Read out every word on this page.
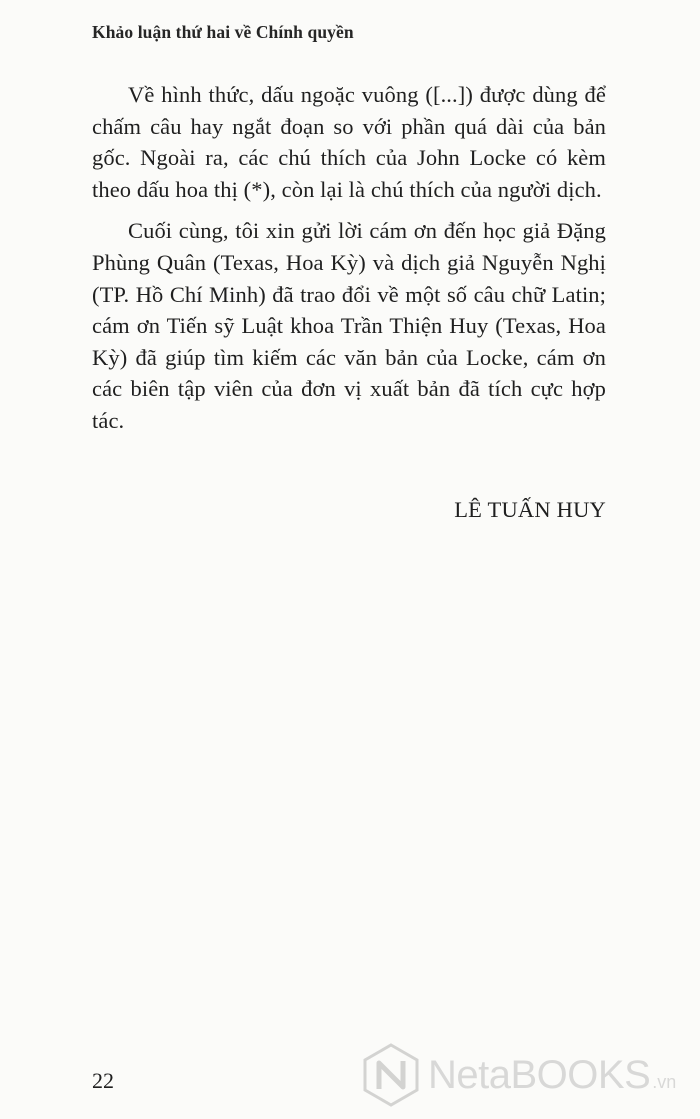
Khảo luận thứ hai về Chính quyền

Về hình thức, dấu ngoặc vuông ([...]) được dùng để chấm câu hay ngắt đoạn so với phần quá dài của bản gốc. Ngoài ra, các chú thích của John Locke có kèm theo dấu hoa thị (*), còn lại là chú thích của người dịch.

Cuối cùng, tôi xin gửi lời cám ơn đến học giả Đặng Phùng Quân (Texas, Hoa Kỳ) và dịch giả Nguyễn Nghị (TP. Hồ Chí Minh) đã trao đổi về một số câu chữ Latin; cám ơn Tiến sỹ Luật khoa Trần Thiện Huy (Texas, Hoa Kỳ) đã giúp tìm kiếm các văn bản của Locke, cám ơn các biên tập viên của đơn vị xuất bản đã tích cực hợp tác.

LÊ TUẤN HUY
22	NetaBOOKS .vn
